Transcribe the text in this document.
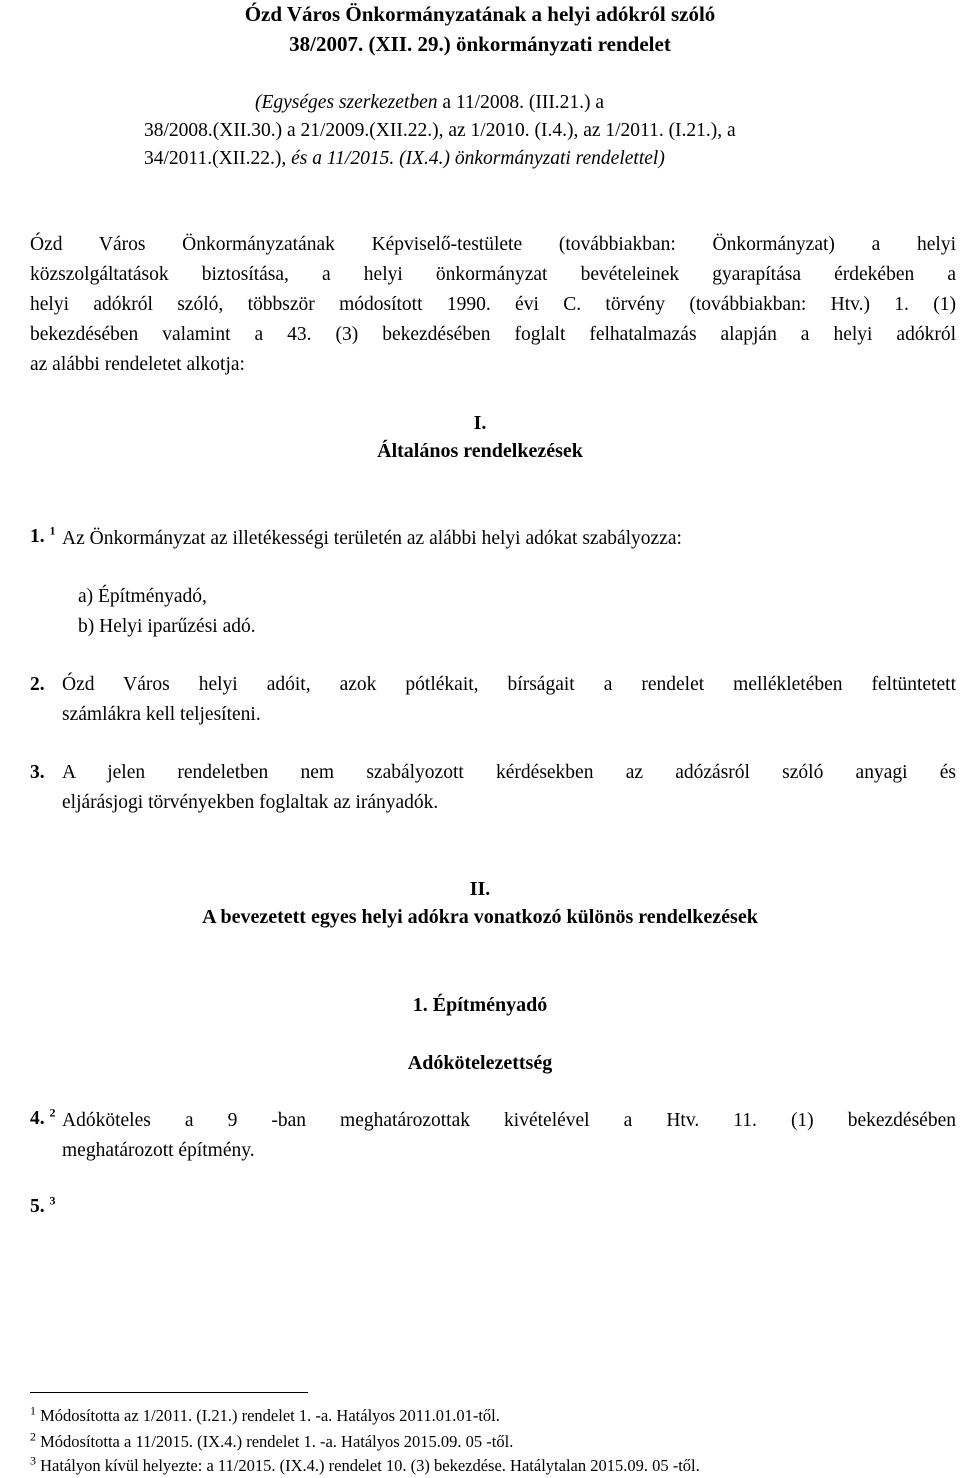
Ózd Város Önkormányzatának a helyi adókról szóló
38/2007. (XII. 29.) önkormányzati rendelet
(Egységes szerkezetben a 11/2008. (III.21.) a
38/2008.(XII.30.) a 21/2009.(XII.22.), az 1/2010. (I.4.), az 1/2011. (I.21.), a
34/2011.(XII.22.), és a 11/2015. (IX.4.) önkormányzati rendelettel)
Ózd Város Önkormányzatának Képviselő-testülete (továbbiakban: Önkormányzat) a helyi
közszolgáltatások biztosítása, a helyi önkormányzat bevételeinek gyarapítása érdekében a
helyi adókról szóló, többször módosított 1990. évi C. törvény (továbbiakban: Htv.) 1. (1)
bekezdésében valamint a 43. (3) bekezdésében foglalt felhatalmazás alapján a helyi adókról
az alábbi rendeletet alkotja:
I.
Általános rendelkezések
1. $^1$ Az Önkormányzat az illetékességi területén az alábbi helyi adókat szabályozza:
a) Építményadó,
b) Helyi iparűzési adó.
2. Ózd Város helyi adóit, azok pótlékait, bírságait a rendelet mellékletében feltüntetett
számlákra kell teljesíteni.
3. A jelen rendeletben nem szabályozott kérdésekben az adózásról szóló anyagi és
eljárásjogi törvényekben foglaltak az irányadók.
II.
A bevezetett egyes helyi adókra vonatkozó különös rendelkezések
1. Építményadó
Adókötelezettség
4. $^2$ Adóköteles a 9 -ban meghatározottak kivételével a Htv. 11. (1) bekezdésében
meghatározott építmény.
5. $^3$
$^1$ Módosította az 1/2011. (I.21.) rendelet 1. -a. Hatályos 2011.01.01-től.
$^2$ Módosította a 11/2015. (IX.4.) rendelet 1. -a. Hatályos 2015.09. 05 -től.
$^3$ Hatályon kívül helyezte: a 11/2015. (IX.4.) rendelet 10. (3) bekezdése. Hatálytalan 2015.09. 05 -től.
